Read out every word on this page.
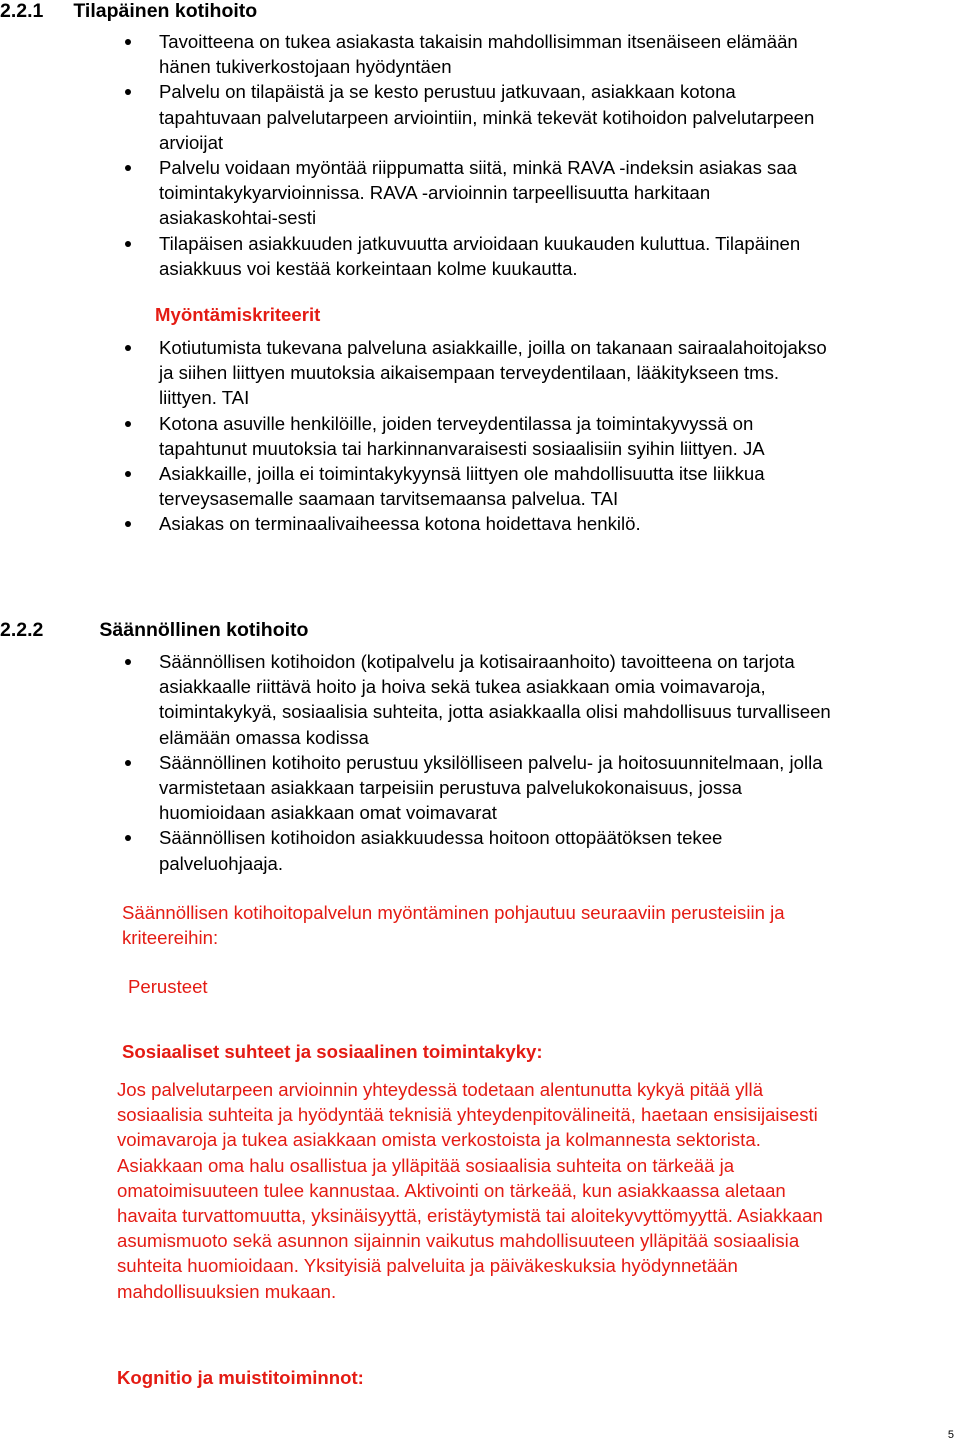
2.2.1 Tilapäinen kotihoito
Tavoitteena on tukea asiakasta takaisin mahdollisimman itsenäiseen elämään
hänen tukiverkostojaan hyödyntäen
Palvelu on tilapäistä ja se kesto perustuu jatkuvaan, asiakkaan kotona
tapahtuvaan palvelutarpeen arviointiin, minkä tekevät kotihoidon palvelutarpeen
arvioijat
Palvelu voidaan myöntää riippumatta siitä, minkä RAVA -indeksin asiakas saa
toimintakykyarvioinnissa. RAVA -arvioinnin tarpeellisuutta harkitaan
asiakaskohtai-sesti
Tilapäisen asiakkuuden jatkuvuutta arvioidaan kuukauden kuluttua. Tilapäinen
asiakkuus voi kestää korkeintaan kolme kuukautta.
Myöntämiskriteerit
Kotiutumista tukevana palveluna asiakkaille, joilla on takanaan sairaalahoitojakso
ja siihen liittyen muutoksia aikaisempaan terveydentilaan, lääkitykseen tms.
liittyen. TAI
Kotona asuville henkilöille, joiden terveydentilassa ja toimintakyvyssä on
tapahtunut muutoksia tai harkinnanvaraisesti sosiaalisiin syihin liittyen. JA
Asiakkaille, joilla ei toimintakykyynsä liittyen ole mahdollisuutta itse liikkua
terveysasemalle saamaan tarvitsemaansa palvelua. TAI
Asiakas on terminaalivaiheessa kotona hoidettava henkilö.
2.2.2	Säännöllinen kotihoito
Säännöllisen kotihoidon (kotipalvelu ja kotisairaanhoito) tavoitteena on tarjota
asiakkaalle riittävä hoito ja hoiva sekä tukea asiakkaan omia voimavaroja,
toimintakykyä, sosiaalisia suhteita, jotta asiakkaalla olisi mahdollisuus turvalliseen
elämään omassa kodissa
Säännöllinen kotihoito perustuu yksilölliseen palvelu- ja hoitosuunnitelmaan, jolla
varmistetaan asiakkaan tarpeisiin perustuva palvelukokonaisuus, jossa
huomioidaan asiakkaan omat voimavarat
Säännöllisen kotihoidon asiakkuudessa hoitoon ottopäätöksen tekee
palveluohjaaja.

Säännöllisen kotihoitopalvelun myöntäminen pohjautuu seuraaviin perusteisiin ja
kriteereihin:

Perusteet
Sosiaaliset suhteet ja sosiaalinen toimintakyky:

Jos palvelutarpeen arvioinnin yhteydessä todetaan alentunutta kykyä pitää yllä
sosiaalisia suhteita ja hyödyntää teknisiä yhteydenpitovälineitä, haetaan ensisijaisesti
voimavaroja ja tukea asiakkaan omista verkostoista ja kolmannesta sektorista.
Asiakkaan oma halu osallistua ja ylläpitää sosiaalisia suhteita on tärkeää ja
omatoimisuuteen tulee kannustaa. Aktivointi on tärkeää, kun asiakkaassa aletaan
havaita turvattomuutta, yksinäisyyttä, eristäytymistä tai aloitekyvyttömyyttä. Asiakkaan
asumismuoto sekä asunnon sijainnin vaikutus mahdollisuuteen ylläpitää sosiaalisia
suhteita huomioidaan. Yksityisiä palveluita ja päiväkeskuksia hyödynnetään
mahdollisuuksien mukaan.

Kognitio ja muistitoiminnot:
5
